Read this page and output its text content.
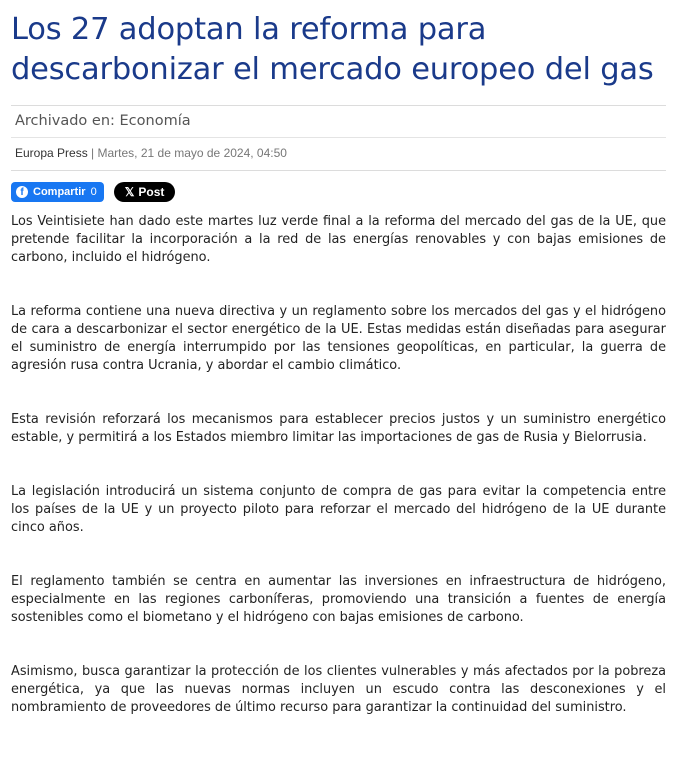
Los 27 adoptan la reforma para descarbonizar el mercado europeo del gas
Archivado en: Economía
Europa Press | Martes, 21 de mayo de 2024, 04:50
f Compartir 0 𝕏 Post

Los Veintisiete han dado este martes luz verde final a la reforma del mercado del gas de la UE, que pretende facilitar la incorporación a la red de las energías renovables y con bajas emisiones de carbono, incluido el hidrógeno.

La reforma contiene una nueva directiva y un reglamento sobre los mercados del gas y el hidrógeno de cara a descarbonizar el sector energético de la UE. Estas medidas están diseñadas para asegurar el suministro de energía interrumpido por las tensiones geopolíticas, en particular, la guerra de agresión rusa contra Ucrania, y abordar el cambio climático.

Esta revisión reforzará los mecanismos para establecer precios justos y un suministro energético estable, y permitirá a los Estados miembro limitar las importaciones de gas de Rusia y Bielorrusia.

La legislación introducirá un sistema conjunto de compra de gas para evitar la competencia entre los países de la UE y un proyecto piloto para reforzar el mercado del hidrógeno de la UE durante cinco años.

El reglamento también se centra en aumentar las inversiones en infraestructura de hidrógeno, especialmente en las regiones carboníferas, promoviendo una transición a fuentes de energía sostenibles como el biometano y el hidrógeno con bajas emisiones de carbono.

Asimismo, busca garantizar la protección de los clientes vulnerables y más afectados por la pobreza energética, ya que las nuevas normas incluyen un escudo contra las desconexiones y el nombramiento de proveedores de último recurso para garantizar la continuidad del suministro.
